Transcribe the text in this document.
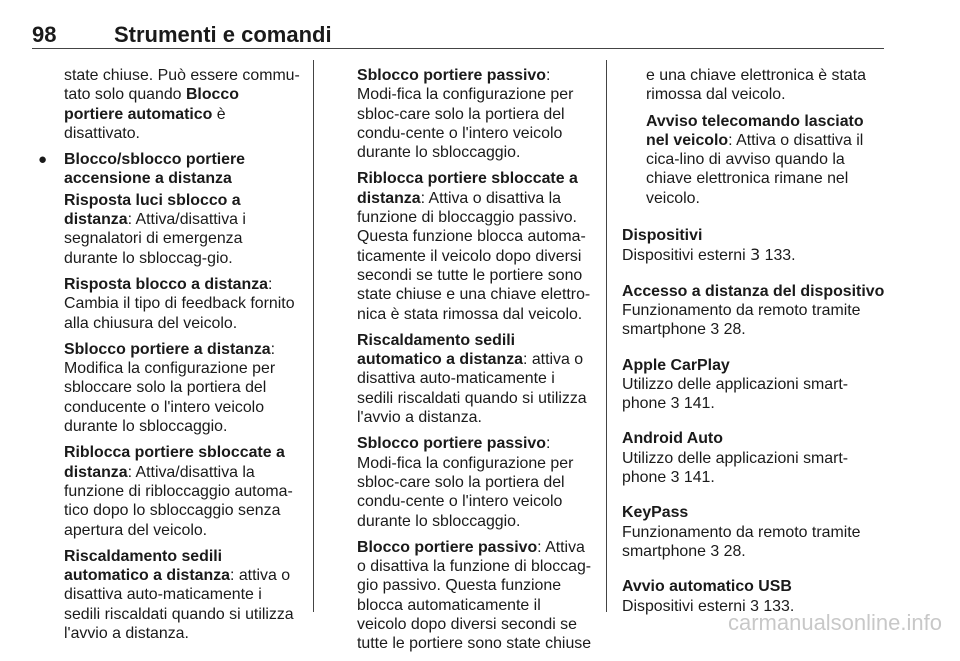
98	Strumenti e comandi

state chiuse. Può essere commu-tato solo quando Blocco portiere automatico è disattivato.

● Blocco/sblocco portiere accensione a distanza

Risposta luci sblocco a distanza: Attiva/disattiva i segnalatori di emergenza durante lo sbloccag-gio.

Risposta blocco a distanza: Cambia il tipo di feedback fornito alla chiusura del veicolo.

Sblocco portiere a distanza: Modifica la configurazione per sbloccare solo la portiera del conducente o l'intero veicolo durante lo sbloccaggio.

Riblocca portiere sbloccate a distanza: Attiva/disattiva la funzione di ribloccaggio automa-tico dopo lo sbloccaggio senza apertura del veicolo.

Riscaldamento sedili automatico a distanza: attiva o disattiva auto-maticamente i sedili riscaldati quando si utilizza l'avvio a distanza.

Sblocco portiere passivo: Modi-fica la configurazione per sbloc-care solo la portiera del condu-cente o l'intero veicolo durante lo sbloccaggio.

Riblocca portiere sbloccate a distanza: Attiva o disattiva la funzione di bloccaggio passivo. Questa funzione blocca automa-ticamente il veicolo dopo diversi secondi se tutte le portiere sono state chiuse e una chiave elettro-nica è stata rimossa dal veicolo.

Riscaldamento sedili automatico a distanza: attiva o disattiva auto-maticamente i sedili riscaldati quando si utilizza l'avvio a distanza.

Sblocco portiere passivo: Modi-fica la configurazione per sbloc-care solo la portiera del condu-cente o l'intero veicolo durante lo sbloccaggio.

Blocco portiere passivo: Attiva o disattiva la funzione di bloccag-gio passivo. Questa funzione blocca automaticamente il veicolo dopo diversi secondi se tutte le portiere sono state chiuse

e una chiave elettronica è stata rimossa dal veicolo.

Avviso telecomando lasciato nel veicolo: Attiva o disattiva il cica-lino di avviso quando la chiave elettronica rimane nel veicolo.

Dispositivi
Dispositivi esterni 3 133.

Accesso a distanza del dispositivo
Funzionamento da remoto tramite smartphone 3 28.

Apple CarPlay
Utilizzo delle applicazioni smart-phone 3 141.

Android Auto
Utilizzo delle applicazioni smart-phone 3 141.

KeyPass
Funzionamento da remoto tramite smartphone 3 28.

Avvio automatico USB
Dispositivi esterni 3 133.

carmanualsonline.info
